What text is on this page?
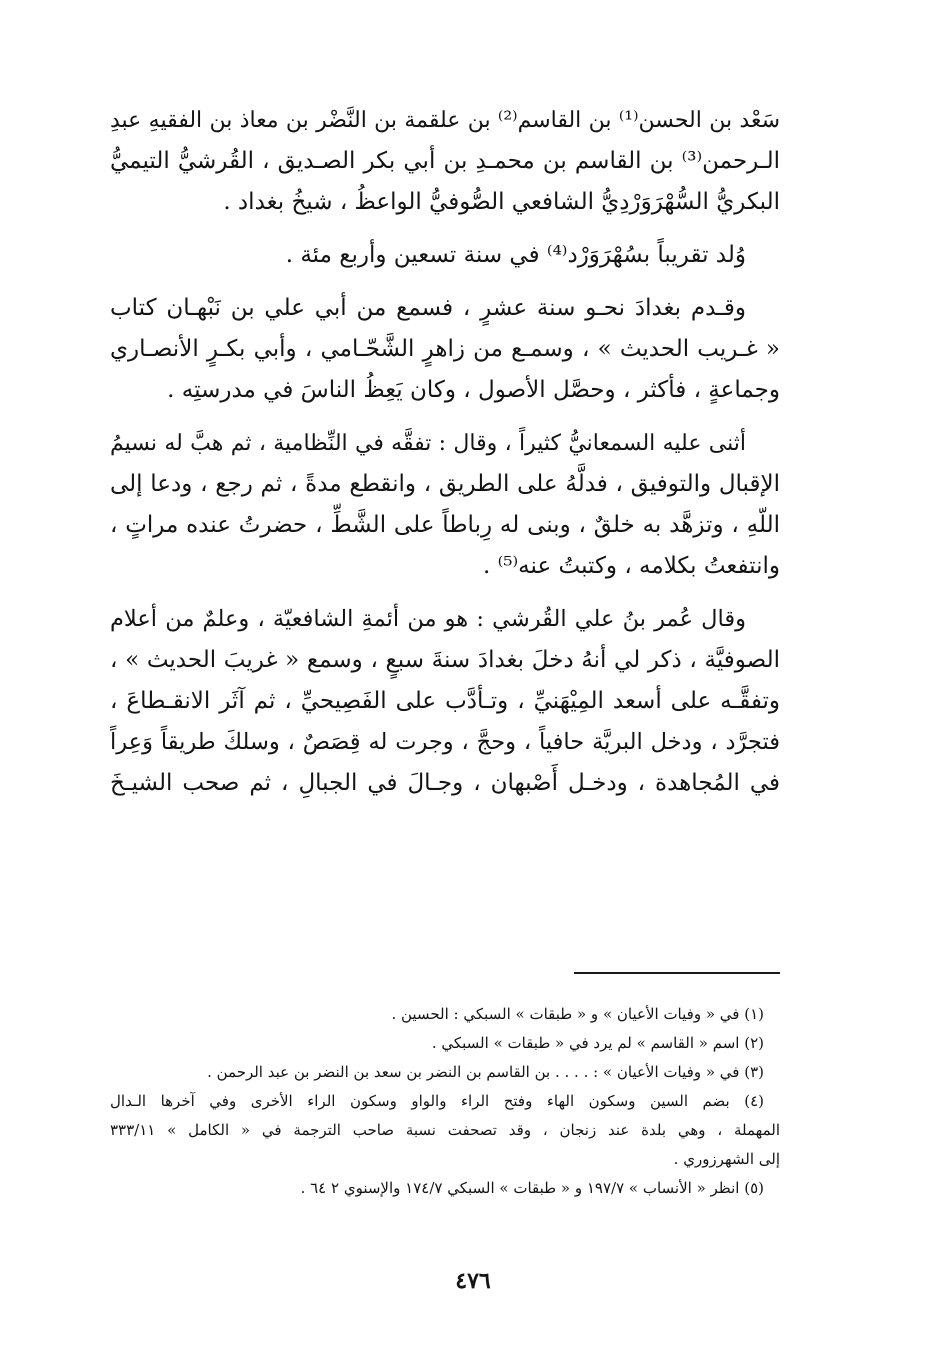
سَعْد بن الحسن⁽¹⁾ بن القاسم⁽²⁾ بن علقمة بن النَّضْر بن معاذ بن الفقيهِ عبدِ
الـرحمن⁽³⁾ بن القاسم بن محمـدِ بن أبي بكر الصـديق ، القُرشيُّ التيميُّ
البكريُّ السُّهْرَوَرْدِيُّ الشافعي الصُّوفيُّ الواعظُ ، شيخُ بغداد .
وُلد تقريباً بسُهْرَوَرْد⁽⁴⁾ في سنة تسعين وأربع مئة .
وقـدم بغدادَ نحـو سنة عشرٍ ، فسمع من أبي علي بن نَبْهـان كتاب
« غـريب الحديث » ، وسمـع من زاهرٍ الشَّحّـامي ، وأبي بكـرٍ الأنصـاري
وجماعةٍ ، فأكثر ، وحصَّل الأصول ، وكان يَعِظُ الناسَ في مدرستِه .
أثنى عليه السمعانيُّ كثيراً ، وقال : تفقَّه في النِّظامية ، ثم هبَّ له نسيمُ
الإقبال والتوفيق ، فدلَّهُ على الطريق ، وانقطع مدةً ، ثم رجع ، ودعا إلى
اللّهِ ، وتزهَّد به خلقٌ ، وبنى له رِباطاً على الشَّطِّ ، حضرتُ عنده مراتٍ ،
وانتفعتُ بكلامه ، وكتبتُ عنه⁽⁵⁾ .
وقال عُمر بنُ علي القُرشي : هو من أئمةِ الشافعيّة ، وعلمٌ من أعلام
الصوفيَّة ، ذكر لي أنهُ دخلَ بغدادَ سنةَ سبعٍ ، وسمع « غريبَ الحديث » ،
وتفقَّـه على أسعد المِيْهَنيِّ ، وتـأدَّب على الفَصِيحيِّ ، ثم آثَر الانقـطاعَ ،
فتجرَّد ، ودخل البريَّة حافياً ، وحجَّ ، وجرت له قِصَصٌ ، وسلكَ طريقاً وَعِراً
في المُجاهدة ، ودخـل أَصْبهان ، وجـالَ في الجبالِ ، ثم صحب الشيـخَ
(١) في « وفيات الأعيان » و « طبقات » السبكي : الحسين .
(٢) اسم « القاسم » لم يرد في « طبقات » السبكي .
(٣) في « وفيات الأعيان » : . . . . بن القاسم بن النضر بن سعد بن النضر بن عبد الرحمن .
(٤) بضم السين وسكون الهاء وفتح الراء والواو وسكون الراء الأخرى وفي آخرها الـدال
المهملة ، وهي بلدة عند زنجان ، وقد تصحفت نسبة صاحب الترجمة في « الكامل » ٣٣٣/١١
إلى الشهرزوري .
(٥) انظر « الأنساب » ١٩٧/٧ و « طبقات » السبكي ١٧٤/٧ والإسنوي ٢ ٦٤ .
٤٧٦
